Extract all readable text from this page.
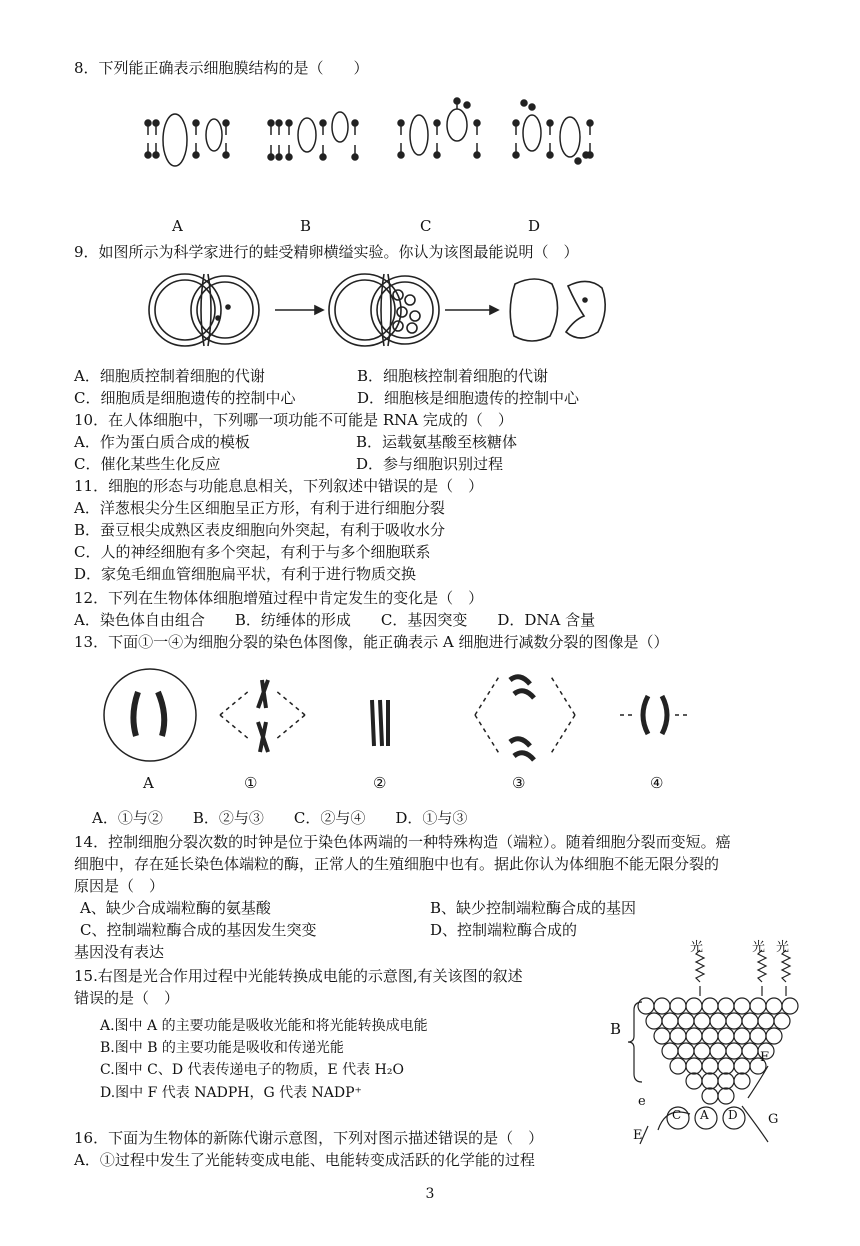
8．下列能正确表示细胞膜结构的是（　　）
A	B	C	D
9．如图所示为科学家进行的蛙受精卵横缢实验。你认为该图最能说明（　）
A．细胞质控制着细胞的代谢	B．细胞核控制着细胞的代谢
C．细胞质是细胞遗传的控制中心	D．细胞核是细胞遗传的控制中心
10．在人体细胞中，下列哪一项功能不可能是 RNA 完成的（　）
A．作为蛋白质合成的模板	B．运载氨基酸至核糖体
C．催化某些生化反应	D．参与细胞识别过程
11．细胞的形态与功能息息相关，下列叙述中错误的是（　）
A．洋葱根尖分生区细胞呈正方形，有利于进行细胞分裂
B．蚕豆根尖成熟区表皮细胞向外突起，有利于吸收水分
C．人的神经细胞有多个突起，有利于与多个细胞联系
D．家兔毛细血管细胞扁平状，有利于进行物质交换
12．下列在生物体体细胞增殖过程中肯定发生的变化是（　）
A．染色体自由组合　　B．纺缍体的形成　　C．基因突变　　D．DNA 含量
13．下面①一④为细胞分裂的染色体图像，能正确表示 A 细胞进行减数分裂的图像是（）
A	①	②	③	④
A．①与②　　B．②与③　　C．②与④　　D．①与③
14．控制细胞分裂次数的时钟是位于染色体两端的一种特殊构造（端粒）。随着细胞分裂而变短。癌
细胞中，存在延长染色体端粒的酶，正常人的生殖细胞中也有。据此你认为体细胞不能无限分裂的
原因是（　）
A、缺少合成端粒酶的氨基酸	B、缺少控制端粒酶合成的基因
C、控制端粒酶合成的基因发生突变	D、控制端粒酶合成的
基因没有表达
15.右图是光合作用过程中光能转换成电能的示意图,有关该图的叙述
错误的是（　）
A.图中 A 的主要功能是吸收光能和将光能转换成电能
B.图中 B 的主要功能是吸收和传递光能
C.图中 C、D 代表传递电子的物质，E 代表 H₂O
D.图中 F 代表 NADPH，G 代表 NADP⁺
光	光 光
B
C A D
e
E
F
G
16．下面为生物体的新陈代谢示意图，下列对图示描述错误的是（　）
A．①过程中发生了光能转变成电能、电能转变成活跃的化学能的过程
3
